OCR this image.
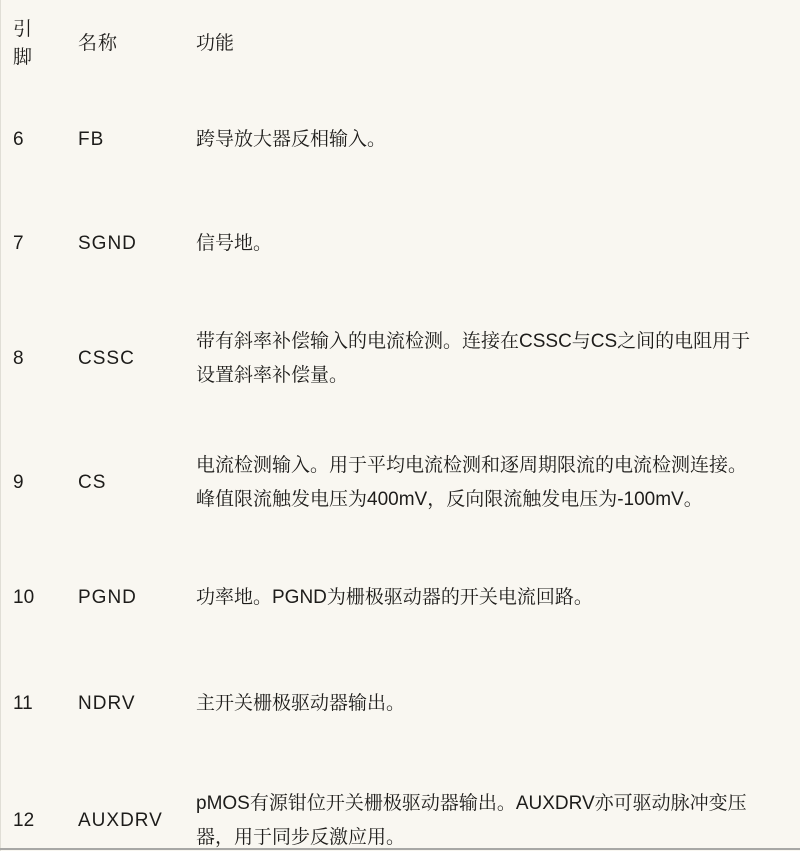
引脚	名称	功能
6	FB	跨导放大器反相输入。

7	SGND	信号地。

8	CSSC	带有斜率补偿输入的电流检测。连接在CSSC与CS之间的电阻用于
设置斜率补偿量。

9	CS	电流检测输入。用于平均电流检测和逐周期限流的电流检测连接。
峰值限流触发电压为400mV，反向限流触发电压为-100mV。

10	PGND	功率地。PGND为栅极驱动器的开关电流回路。

11	NDRV	主开关栅极驱动器输出。

12	AUXDRV	pMOS有源钳位开关栅极驱动器输出。AUXDRV亦可驱动脉冲变压
器，用于同步反激应用。
